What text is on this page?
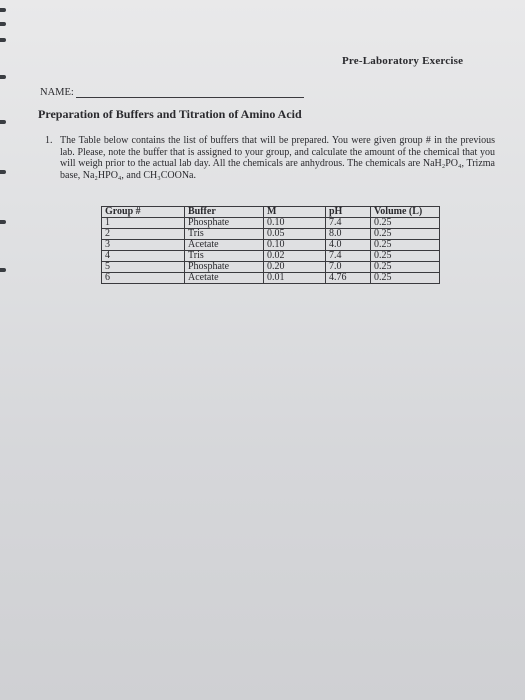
Pre-Laboratory Exercise
NAME:
Preparation of Buffers and Titration of Amino Acid
1. The Table below contains the list of buffers that will be prepared. You were given group # in the previous lab. Please, note the buffer that is assigned to your group, and calculate the amount of the chemical that you will weigh prior to the actual lab day. All the chemicals are anhydrous. The chemicals are NaH₂PO₄, Trizma base, Na₂HPO₄, and CH₃COONa.
Group #	Buffer	M	pH	Volume (L)
1	Phosphate	0.10	7.4	0.25
2	Tris	0.05	8.0	0.25
3	Acetate	0.10	4.0	0.25
4	Tris	0.02	7.4	0.25
5	Phosphate	0.20	7.0	0.25
6	Acetate	0.01	4.76	0.25
